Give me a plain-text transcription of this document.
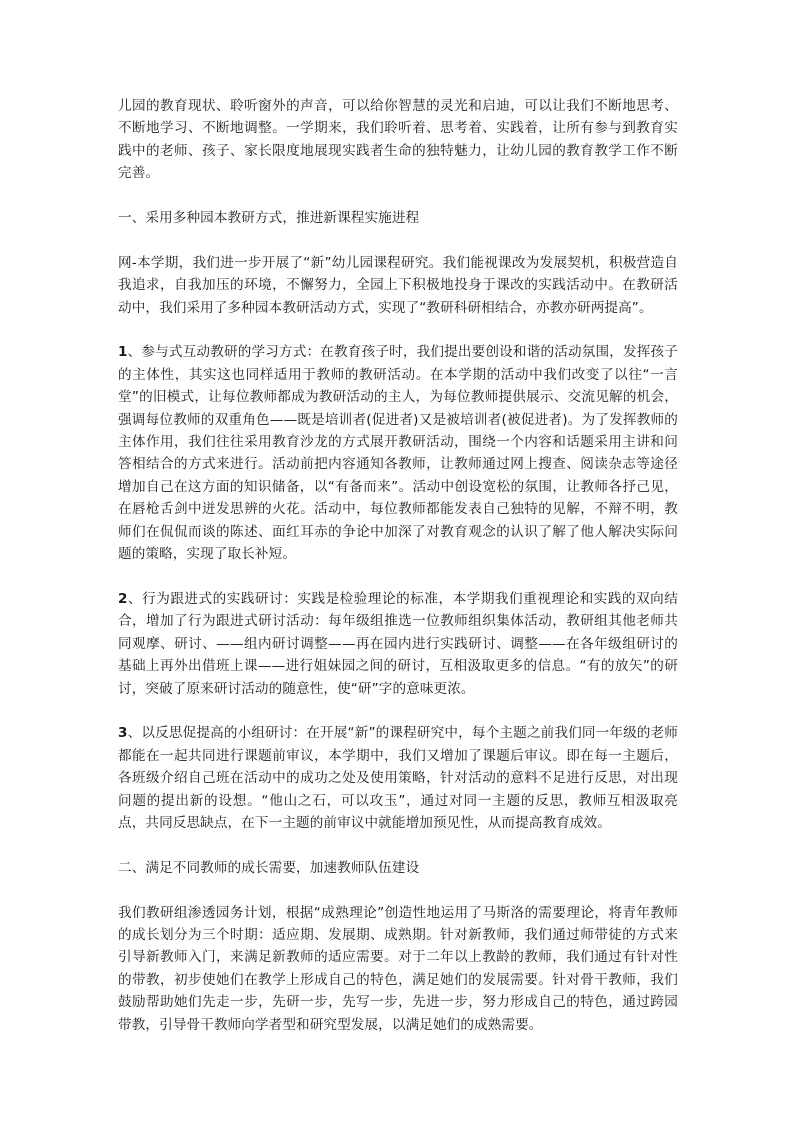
儿园的教育现状、聆听窗外的声音，可以给你智慧的灵光和启迪，可以让我们不断地思考、不断地学习、不断地调整。一学期来，我们聆听着、思考着、实践着，让所有参与到教育实践中的老师、孩子、家长限度地展现实践者生命的独特魅力，让幼儿园的教育教学工作不断完善。

一、采用多种园本教研方式，推进新课程实施进程

网-本学期，我们进一步开展了“新”幼儿园课程研究。我们能视课改为发展契机，积极营造自我追求，自我加压的环境，不懈努力，全园上下积极地投身于课改的实践活动中。在教研活动中，我们采用了多种园本教研活动方式，实现了“教研科研相结合，亦教亦研两提高”。

1、参与式互动教研的学习方式：在教育孩子时，我们提出要创设和谐的活动氛围，发挥孩子的主体性，其实这也同样适用于教师的教研活动。在本学期的活动中我们改变了以往“一言堂”的旧模式，让每位教师都成为教研活动的主人，为每位教师提供展示、交流见解的机会，强调每位教师的双重角色——既是培训者(促进者)又是被培训者(被促进者)。为了发挥教师的主体作用，我们往往采用教育沙龙的方式展开教研活动，围绕一个内容和话题采用主讲和问答相结合的方式来进行。活动前把内容通知各教师，让教师通过网上搜查、阅读杂志等途径增加自己在这方面的知识储备，以“有备而来”。活动中创设宽松的氛围，让教师各抒己见，在唇枪舌剑中迸发思辨的火花。活动中，每位教师都能发表自己独特的见解，不辩不明，教师们在侃侃而谈的陈述、面红耳赤的争论中加深了对教育观念的认识了解了他人解决实际问题的策略，实现了取长补短。

2、行为跟进式的实践研讨：实践是检验理论的标准，本学期我们重视理论和实践的双向结合，增加了行为跟进式研讨活动：每年级组推选一位教师组织集体活动，教研组其他老师共同观摩、研讨、——组内研讨调整——再在园内进行实践研讨、调整——在各年级组研讨的基础上再外出借班上课——进行姐妹园之间的研讨，互相汲取更多的信息。“有的放矢”的研讨，突破了原来研讨活动的随意性，使“研”字的意味更浓。

3、以反思促提高的小组研讨：在开展“新”的课程研究中，每个主题之前我们同一年级的老师都能在一起共同进行课题前审议，本学期中，我们又增加了课题后审议。即在每一主题后，各班级介绍自己班在活动中的成功之处及使用策略，针对活动的意料不足进行反思，对出现问题的提出新的设想。“他山之石，可以攻玉”，通过对同一主题的反思，教师互相汲取亮点，共同反思缺点，在下一主题的前审议中就能增加预见性，从而提高教育成效。

二、满足不同教师的成长需要，加速教师队伍建设

我们教研组渗透园务计划，根据“成熟理论”创造性地运用了马斯洛的需要理论，将青年教师的成长划分为三个时期：适应期、发展期、成熟期。针对新教师，我们通过师带徒的方式来引导新教师入门，来满足新教师的适应需要。对于二年以上教龄的教师，我们通过有针对性的带教，初步使她们在教学上形成自己的特色，满足她们的发展需要。针对骨干教师，我们鼓励帮助她们先走一步，先研一步，先写一步，先进一步，努力形成自己的特色，通过跨园带教，引导骨干教师向学者型和研究型发展，以满足她们的成熟需要。
